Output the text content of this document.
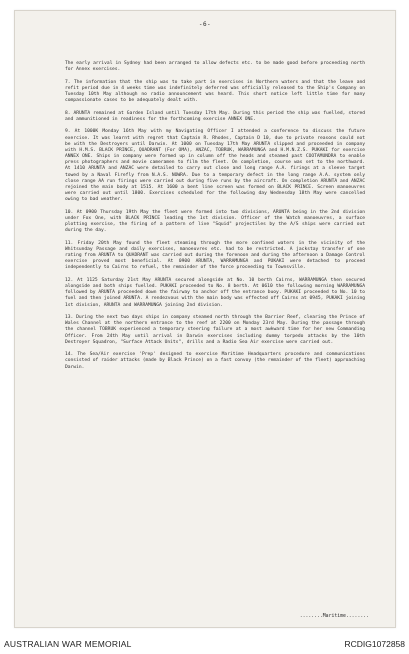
-6-

The early arrival in Sydney had been arranged to allow defects etc. to be made good before proceeding north for Annex exercises.

7. The information that the ship was to take part in exercises in Northern waters and that the leave and refit period due in 4 weeks time was indefinitely deferred was officially released to the Ship's Company on Tuesday 10th May although no radio announcement was heard. This short notice left little time for many compassionate cases to be adequately dealt with.

8. ARUNTA remained at Garden Island until Tuesday 17th May. During this period the ship was fuelled, stored and ammunitioned in readiness for the forthcoming exercise ANNEX ONE.

9. At 1000K Monday 16th May with my Navigating Officer I attended a conference to discuss the future exercise. It was learnt with regret that Captain R. Rhodes, Captain D 10, due to private reasons could not be with the Destroyers until Darwin. At 1000 on Tuesday 17th May ARUNTA slipped and proceeded in company with H.M.S. BLACK PRINCE, QUADRANT (For OMA), ANZAC, TOBRUK, WARRAMUNGA and H.M.N.Z.S. PUKAKI for exercise ANNEX ONE. Ships in company were formed up in column off the heads and steamed past COOTAMUNDRA to enable press photographers and movie cameramen to film the fleet. On completion, course was set to the northward. At 1410 ARUNTA and ANZAC were detailed to carry out close and long range A.A. firings at a sleeve target towed by a Naval Firefly from N.A.S. NOWRA. Due to a temporary defect in the long range A.A. system only close range AA run firings were carried out during five runs by the aircraft. On completion ARUNTA and ANZAC rejoined the main body at 1515. At 1600 a bent line screen was formed on BLACK PRINCE. Screen manoeuvres were carried out until 1800. Exercises scheduled for the following day Wednesday 18th May were cancelled owing to bad weather.

10. At 0900 Thursday 19th May the fleet were formed into two divisions, ARUNTA being in the 2nd division under Fox One, with BLACK PRINCE leading the 1st division. Officer of the Watch manoeuvres, a surface plotting exercise, the firing of a pattern of live "Squid" projectiles by the A/S ships were carried out during the day.

11. Friday 20th May found the fleet steaming through the more confined waters in the vicinity of the Whitsunday Passage and daily exercises, manoeuvres etc. had to be restricted. A jackstay transfer of one rating from ARUNTA to QUADRANT was carried out during the forenoon and during the afternoon a Damage Control exercise proved most beneficial. At 0900 ARUNTA, WARRAMUNGA and PUKAKI were detached to proceed independently to Cairns to refuel, the remainder of the force proceeding to Townsville.

12. At 1125 Saturday 21st May ARUNTA secured alongside at No. 10 berth Cairns, WARRAMUNGA then secured alongside and both ships fuelled. PUKAKI proceeded to No. 8 berth. At 0610 the following morning WARRAMUNGA followed by ARUNTA proceeded down the fairway to anchor off the entrance buoy. PUKAKI proceeded to No. 10 to fuel and then joined ARUNTA. A rendezvous with the main body was effected off Cairns at 0945, PUKAKI joining 1st division, ARUNTA and WARRAMUNGA joining 2nd division.

13. During the next two days ships in company steamed north through the Barrier Reef, clearing the Prince of Wales Channel at the northern entrance to the reef at 2200 on Monday 23rd May. During the passage through the channel TOBRUK experienced a temporary steering failure at a most awkward time for her new Commanding Officer. From 24th May until arrival in Darwin exercises including dummy torpedo attacks by the 10th Destroyer Squadron, "Surface Attack Units", drills and a Radio Sea Air exercise were carried out.

14. The Sea/Air exercise 'Prep' designed to exercise Maritime Headquarters procedure and communications consisted of raider attacks (made by Black Prince) on a fast convoy (the remainder of the fleet) approaching Darwin.

........Maritime........
AUSTRALIAN WAR MEMORIAL	RCDIG1072858
